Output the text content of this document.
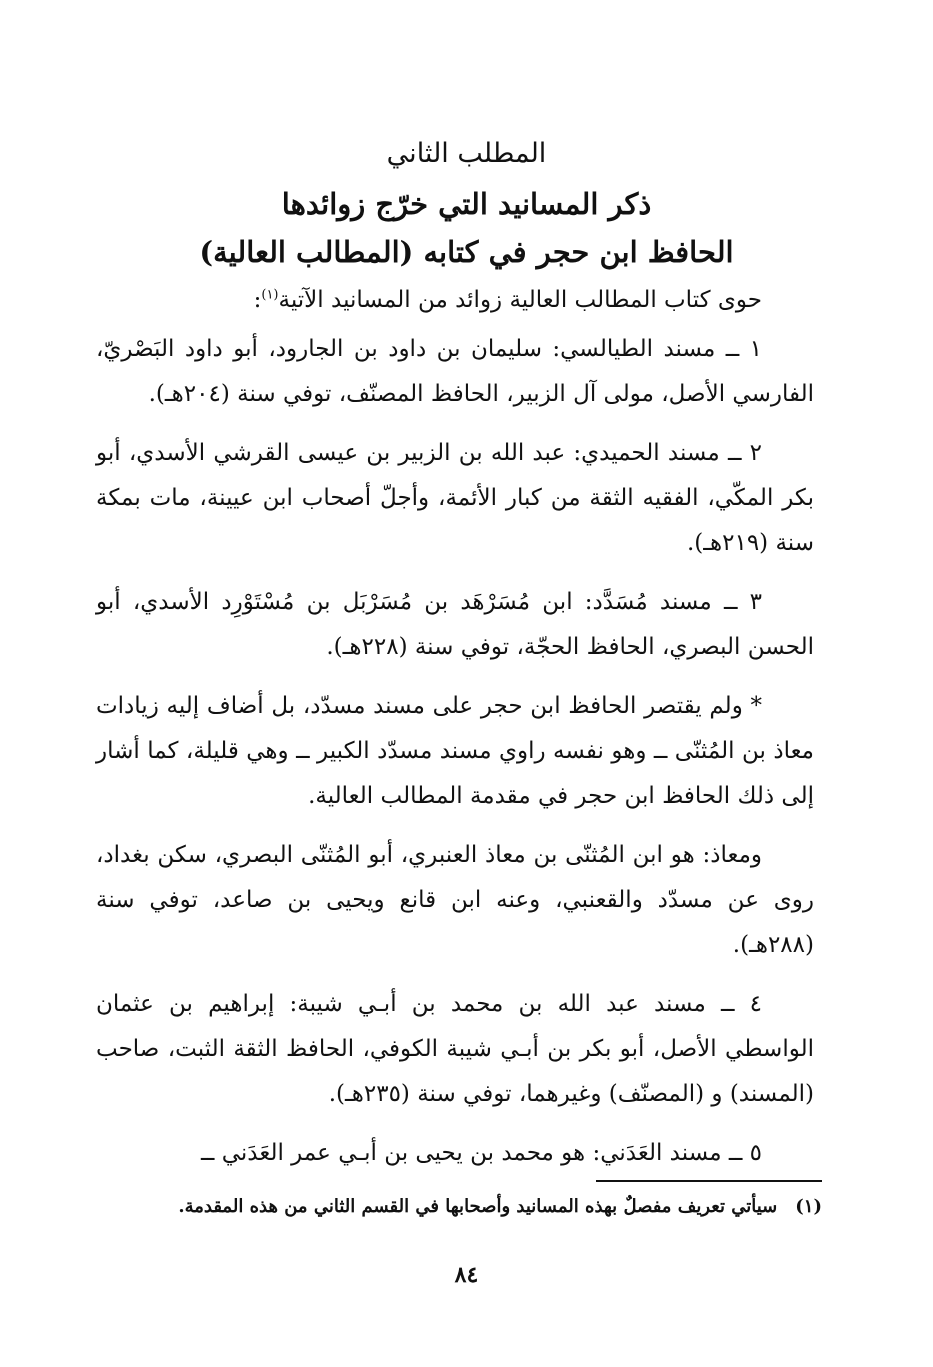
المطلب الثاني
ذكر المسانيد التي خرّج زوائدها
الحافظ ابن حجر في كتابه (المطالب العالية)

حوى كتاب المطالب العالية زوائد من المسانيد الآتية$^{(١)}$:

١ ــ مسند الطيالسي: سليمان بن داود بن الجارود، أبو داود البَصْريّ، الفارسي الأصل، مولى آل الزبير، الحافظ المصنّف، توفي سنة (٢٠٤هـ).

٢ ــ مسند الحميدي: عبد الله بن الزبير بن عيسى القرشي الأسدي، أبو بكر المكّي، الفقيه الثقة من كبار الأئمة، وأجلّ أصحاب ابن عيينة، مات بمكة سنة (٢١٩هـ).

٣ ــ مسند مُسَدَّد: ابن مُسَرْهَد بن مُسَرْبَل بن مُسْتَوْرِد الأسدي، أبو الحسن البصري، الحافظ الحجّة، توفي سنة (٢٢٨هـ).

* ولم يقتصر الحافظ ابن حجر على مسند مسدّد، بل أضاف إليه زيادات معاذ بن المُثنّى ــ وهو نفسه راوي مسند مسدّد الكبير ــ وهي قليلة، كما أشار إلى ذلك الحافظ ابن حجر في مقدمة المطالب العالية.

ومعاذ: هو ابن المُثنّى بن معاذ العنبري، أبو المُثنّى البصري، سكن بغداد، روى عن مسدّد والقعنبي، وعنه ابن قانع ويحيى بن صاعد، توفي سنة (٢٨٨هـ).

٤ ــ مسند عبد الله بن محمد بن أبـي شيبة: إبراهيم بن عثمان الواسطي الأصل، أبو بكر بن أبـي شيبة الكوفي، الحافظ الثقة الثبت، صاحب (المسند) و (المصنّف) وغيرهما، توفي سنة (٢٣٥هـ).

٥ ــ مسند العَدَني: هو محمد بن يحيى بن أبـي عمر العَدَني ــ

(١)سيأتي تعريف مفصلٌ بهذه المسانيد وأصحابها في القسم الثاني من هذه المقدمة.
٨٤
